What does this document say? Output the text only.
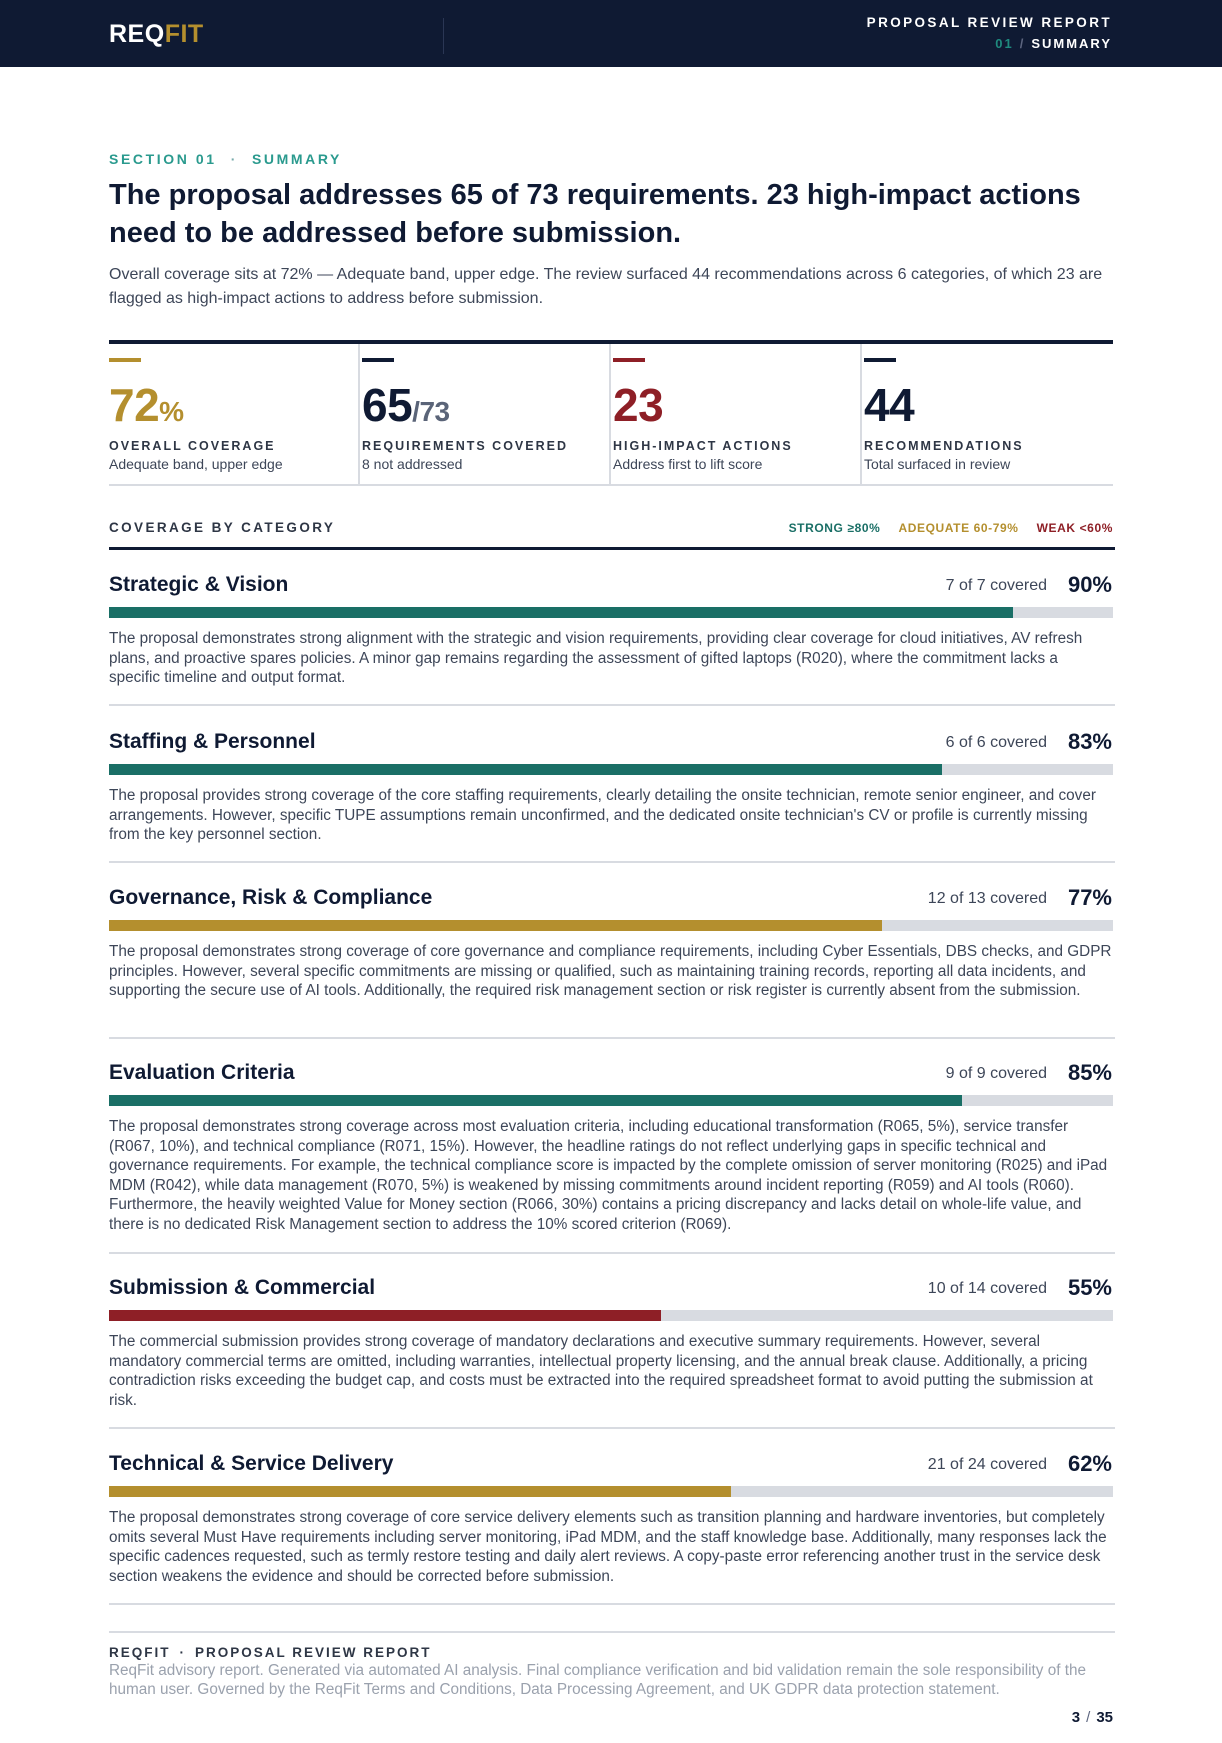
REQFIT	PROPOSAL REVIEW REPORT
01 / SUMMARY
SECTION 01 · SUMMARY
The proposal addresses 65 of 73 requirements. 23 high-impact actions need to be addressed before submission.

Overall coverage sits at 72% — Adequate band, upper edge. The review surfaced 44 recommendations across 6 categories, of which 23 are flagged as high-impact actions to address before submission.

72%
OVERALL COVERAGE
Adequate band, upper edge
65/73
REQUIREMENTS COVERED
8 not addressed
23
HIGH-IMPACT ACTIONS
Address first to lift score
44
RECOMMENDATIONS
Total surfaced in review
COVERAGE BY CATEGORY	STRONG ≥80% ADEQUATE 60-79% WEAK <60%
Strategic & Vision	7 of 7 covered 90%
The proposal demonstrates strong alignment with the strategic and vision requirements, providing clear coverage for cloud initiatives, AV refresh plans, and proactive spares policies. A minor gap remains regarding the assessment of gifted laptops (R020), where the commitment lacks a specific timeline and output format.
Staffing & Personnel	6 of 6 covered 83%
The proposal provides strong coverage of the core staffing requirements, clearly detailing the onsite technician, remote senior engineer, and cover arrangements. However, specific TUPE assumptions remain unconfirmed, and the dedicated onsite technician's CV or profile is currently missing from the key personnel section.
Governance, Risk & Compliance	12 of 13 covered 77%
The proposal demonstrates strong coverage of core governance and compliance requirements, including Cyber Essentials, DBS checks, and GDPR principles. However, several specific commitments are missing or qualified, such as maintaining training records, reporting all data incidents, and supporting the secure use of AI tools. Additionally, the required risk management section or risk register is currently absent from the submission.
Evaluation Criteria	9 of 9 covered 85%
The proposal demonstrates strong coverage across most evaluation criteria, including educational transformation (R065, 5%), service transfer (R067, 10%), and technical compliance (R071, 15%). However, the headline ratings do not reflect underlying gaps in specific technical and governance requirements. For example, the technical compliance score is impacted by the complete omission of server monitoring (R025) and iPad MDM (R042), while data management (R070, 5%) is weakened by missing commitments around incident reporting (R059) and AI tools (R060). Furthermore, the heavily weighted Value for Money section (R066, 30%) contains a pricing discrepancy and lacks detail on whole-life value, and there is no dedicated Risk Management section to address the 10% scored criterion (R069).
Submission & Commercial	10 of 14 covered 55%
The commercial submission provides strong coverage of mandatory declarations and executive summary requirements. However, several mandatory commercial terms are omitted, including warranties, intellectual property licensing, and the annual break clause. Additionally, a pricing contradiction risks exceeding the budget cap, and costs must be extracted into the required spreadsheet format to avoid putting the submission at risk.
Technical & Service Delivery	21 of 24 covered 62%
The proposal demonstrates strong coverage of core service delivery elements such as transition planning and hardware inventories, but completely omits several Must Have requirements including server monitoring, iPad MDM, and the staff knowledge base. Additionally, many responses lack the specific cadences requested, such as termly restore testing and daily alert reviews. A copy-paste error referencing another trust in the service desk section weakens the evidence and should be corrected before submission.
REQFIT · PROPOSAL REVIEW REPORT
ReqFit advisory report. Generated via automated AI analysis. Final compliance verification and bid validation remain the sole responsibility of the human user. Governed by the ReqFit Terms and Conditions, Data Processing Agreement, and UK GDPR data protection statement.
3 / 35
